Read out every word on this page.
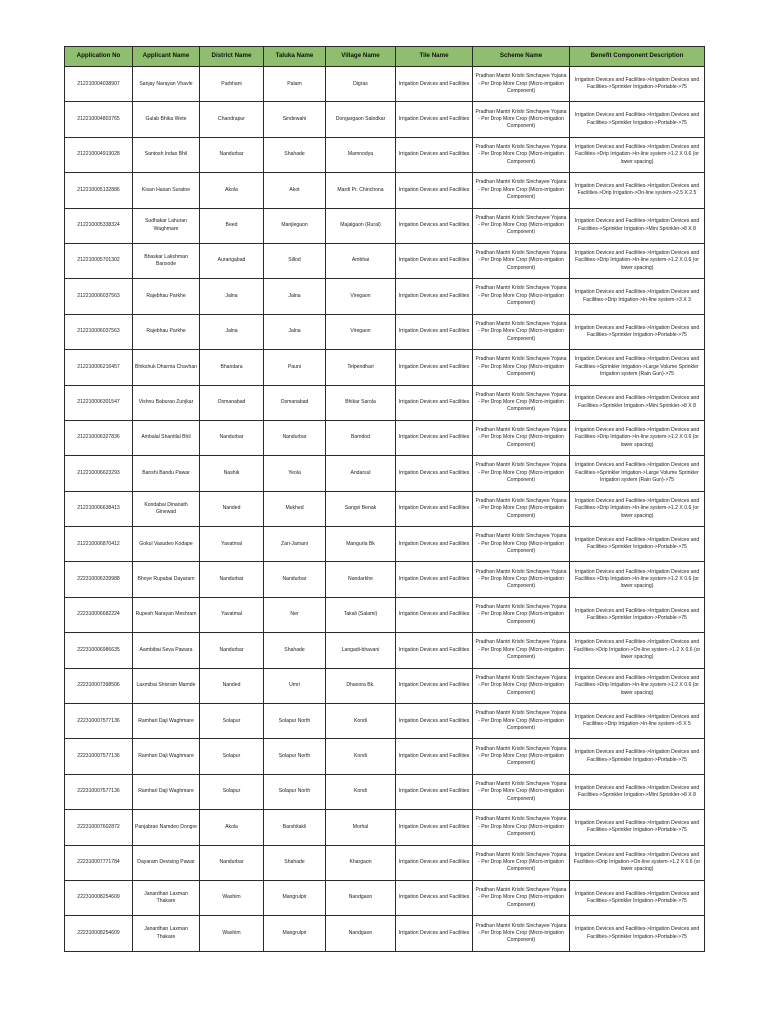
Application No	Applicant Name	District Name	Taluka Name	Village Name	Tile Name	Scheme Name	Benefit Component Description
212210004038907	Sanjay Narayan Vhavle	Parbhani	Palam	Digras	Irrigation Devices and Facilities	Pradhan Mantri Krishi Sinchayee Yojana - Per Drop More Crop (Micro-irrigation Component)	Irrigation Devices and Facilities->Irrigation Devices and Facilities->Sprinkler Irrigation->Portable->75
212210004803765	Gulab Bhika Wete	Chandrapur	Sindewahi	Dongargaon Salodkar	Irrigation Devices and Facilities	Pradhan Mantri Krishi Sinchayee Yojana - Per Drop More Crop (Micro-irrigation Component)	Irrigation Devices and Facilities->Irrigation Devices and Facilities->Sprinkler Irrigation->Portable->75
212210004913028	Santosh Indas Bhil	Nandurbar	Shahade	Mamnodya	Irrigation Devices and Facilities	Pradhan Mantri Krishi Sinchayee Yojana - Per Drop More Crop (Micro-irrigation Component)	Irrigation Devices and Facilities->Irrigation Devices and Facilities->Drip Irrigation->In-line system->1.2 X 0.6 (or lower spacing)
212210005132886	Kisan Hasan Suratne	Akola	Akot	Mardi Pr. Chinchona	Irrigation Devices and Facilities	Pradhan Mantri Krishi Sinchayee Yojana - Per Drop More Crop (Micro-irrigation Component)	Irrigation Devices and Facilities->Irrigation Devices and Facilities->Drip Irrigation->On-line system->2.5 X 2.5
212210005338324	Sudhakar Lahuran Waghmare	Beed	Manjlegaon	Majalgaon (Rural)	Irrigation Devices and Facilities	Pradhan Mantri Krishi Sinchayee Yojana - Per Drop More Crop (Micro-irrigation Component)	Irrigation Devices and Facilities->Irrigation Devices and Facilities->Sprinkler Irrigation->Mini Sprinkler->8 X 8
212210005701302	Bhaskar Lakshman Bansode	Aurangabad	Sillod	Ambhai	Irrigation Devices and Facilities	Pradhan Mantri Krishi Sinchayee Yojana - Per Drop More Crop (Micro-irrigation Component)	Irrigation Devices and Facilities->Irrigation Devices and Facilities->Drip Irrigation->In-line system->1.2 X 0.6 (or lower spacing)
212210006037563	Rajebhau Parkhe	Jalna	Jalna	Viregaon	Irrigation Devices and Facilities	Pradhan Mantri Krishi Sinchayee Yojana - Per Drop More Crop (Micro-irrigation Component)	Irrigation Devices and Facilities->Irrigation Devices and Facilities->Drip Irrigation->In-line system->3 X 3
212210006037563	Rajebhau Parkhe	Jalna	Jalna	Viregaon	Irrigation Devices and Facilities	Pradhan Mantri Krishi Sinchayee Yojana - Per Drop More Crop (Micro-irrigation Component)	Irrigation Devices and Facilities->Irrigation Devices and Facilities->Sprinkler Irrigation->Portable->75
212210006216457	Bhikshuk Dharma Chavhan	Bhandara	Pauni	Telpendhari	Irrigation Devices and Facilities	Pradhan Mantri Krishi Sinchayee Yojana - Per Drop More Crop (Micro-irrigation Component)	Irrigation Devices and Facilities->Irrigation Devices and Facilities->Sprinkler Irrigation->Large Volume Sprinkler Irrigation system (Rain Gun)->75
212210006301547	Vishnu Baburao Zunjkar	Osmanabad	Osmanabad	Bhikar Sarola	Irrigation Devices and Facilities	Pradhan Mantri Krishi Sinchayee Yojana - Per Drop More Crop (Micro-irrigation Component)	Irrigation Devices and Facilities->Irrigation Devices and Facilities->Sprinkler Irrigation->Mini Sprinkler->8 X 8
212210006327836	Ambalal Shantilal Bhil	Nandurbar	Nandurbar	Bamdod	Irrigation Devices and Facilities	Pradhan Mantri Krishi Sinchayee Yojana - Per Drop More Crop (Micro-irrigation Component)	Irrigation Devices and Facilities->Irrigation Devices and Facilities->Drip Irrigation->In-line system->1.2 X 0.6 (or lower spacing)
212210006623293	Banshi Bandu Pawar	Nashik	Yeola	Andarsul	Irrigation Devices and Facilities	Pradhan Mantri Krishi Sinchayee Yojana - Per Drop More Crop (Micro-irrigation Component)	Irrigation Devices and Facilities->Irrigation Devices and Facilities->Sprinkler Irrigation->Large Volume Sprinkler Irrigation system (Rain Gun)->75
212210006638413	Kondabai Dinanath Ginewad	Nanded	Mukhed	Sangvi Benak	Irrigation Devices and Facilities	Pradhan Mantri Krishi Sinchayee Yojana - Per Drop More Crop (Micro-irrigation Component)	Irrigation Devices and Facilities->Irrigation Devices and Facilities->Drip Irrigation->In-line system->1.2 X 0.6 (or lower spacing)
212210006870412	Gokul Vasudeo Kodape	Yavatmal	Zari-Jamani	Mangurla Bk	Irrigation Devices and Facilities	Pradhan Mantri Krishi Sinchayee Yojana - Per Drop More Crop (Micro-irrigation Component)	Irrigation Devices and Facilities->Irrigation Devices and Facilities->Sprinkler Irrigation->Portable->75
222310006339988	Bhoye Rupabai Dayaram	Nandurbar	Nandurbar	Nandarkhe	Irrigation Devices and Facilities	Pradhan Mantri Krishi Sinchayee Yojana - Per Drop More Crop (Micro-irrigation Component)	Irrigation Devices and Facilities->Irrigation Devices and Facilities->Drip Irrigation->In-line system->1.2 X 0.6 (or lower spacing)
222310006682224	Rupesh Narayan Meshram	Yavatmal	Ner	Takali (Salami)	Irrigation Devices and Facilities	Pradhan Mantri Krishi Sinchayee Yojana - Per Drop More Crop (Micro-irrigation Component)	Irrigation Devices and Facilities->Irrigation Devices and Facilities->Sprinkler Irrigation->Portable->75
222310006986635	Aambibai Seva Pawara	Nandurbar	Shahade	Langadi-bhavani	Irrigation Devices and Facilities	Pradhan Mantri Krishi Sinchayee Yojana - Per Drop More Crop (Micro-irrigation Component)	Irrigation Devices and Facilities->Irrigation Devices and Facilities->Drip Irrigation->On-line system->1.2 X 0.6 (or lower spacing)
222310007398506	Laxmibai Shivram Mamde	Nanded	Umri	Dhanora Bk.	Irrigation Devices and Facilities	Pradhan Mantri Krishi Sinchayee Yojana - Per Drop More Crop (Micro-irrigation Component)	Irrigation Devices and Facilities->Irrigation Devices and Facilities->Drip Irrigation->In-line system->1.2 X 0.6 (or lower spacing)
222310007577136	Ramhari Daji Waghmare	Solapur	Solapur North	Kondi	Irrigation Devices and Facilities	Pradhan Mantri Krishi Sinchayee Yojana - Per Drop More Crop (Micro-irrigation Component)	Irrigation Devices and Facilities->Irrigation Devices and Facilities->Drip Irrigation->In-line system->5 X 5
222310007577136	Ramhari Daji Waghmare	Solapur	Solapur North	Kondi	Irrigation Devices and Facilities	Pradhan Mantri Krishi Sinchayee Yojana - Per Drop More Crop (Micro-irrigation Component)	Irrigation Devices and Facilities->Irrigation Devices and Facilities->Sprinkler Irrigation->Portable->75
222310007577136	Ramhari Daji Waghmare	Solapur	Solapur North	Kondi	Irrigation Devices and Facilities	Pradhan Mantri Krishi Sinchayee Yojana - Per Drop More Crop (Micro-irrigation Component)	Irrigation Devices and Facilities->Irrigation Devices and Facilities->Sprinkler Irrigation->Mini Sprinkler->8 X 8
222310007602872	Panjabrao Namdeo Dongre	Akola	Barshitakli	Morhal	Irrigation Devices and Facilities	Pradhan Mantri Krishi Sinchayee Yojana - Per Drop More Crop (Micro-irrigation Component)	Irrigation Devices and Facilities->Irrigation Devices and Facilities->Sprinkler Irrigation->Portable->75
222310007771784	Dayaram Devising Pawar	Nandurbar	Shahade	Khargaon	Irrigation Devices and Facilities	Pradhan Mantri Krishi Sinchayee Yojana - Per Drop More Crop (Micro-irrigation Component)	Irrigation Devices and Facilities->Irrigation Devices and Facilities->Drip Irrigation->On-line system->1.2 X 0.6 (or lower spacing)
222310008254609	Janardhan Laxman Thakare	Washim	Mangrulpir	Nandgaon	Irrigation Devices and Facilities	Pradhan Mantri Krishi Sinchayee Yojana - Per Drop More Crop (Micro-irrigation Component)	Irrigation Devices and Facilities->Irrigation Devices and Facilities->Sprinkler Irrigation->Portable->75
222310008254609	Janardhan Laxman Thakare	Washim	Mangrulpir	Nandgaon	Irrigation Devices and Facilities	Pradhan Mantri Krishi Sinchayee Yojana - Per Drop More Crop (Micro-irrigation Component)	Irrigation Devices and Facilities->Irrigation Devices and Facilities->Sprinkler Irrigation->Portable->75
